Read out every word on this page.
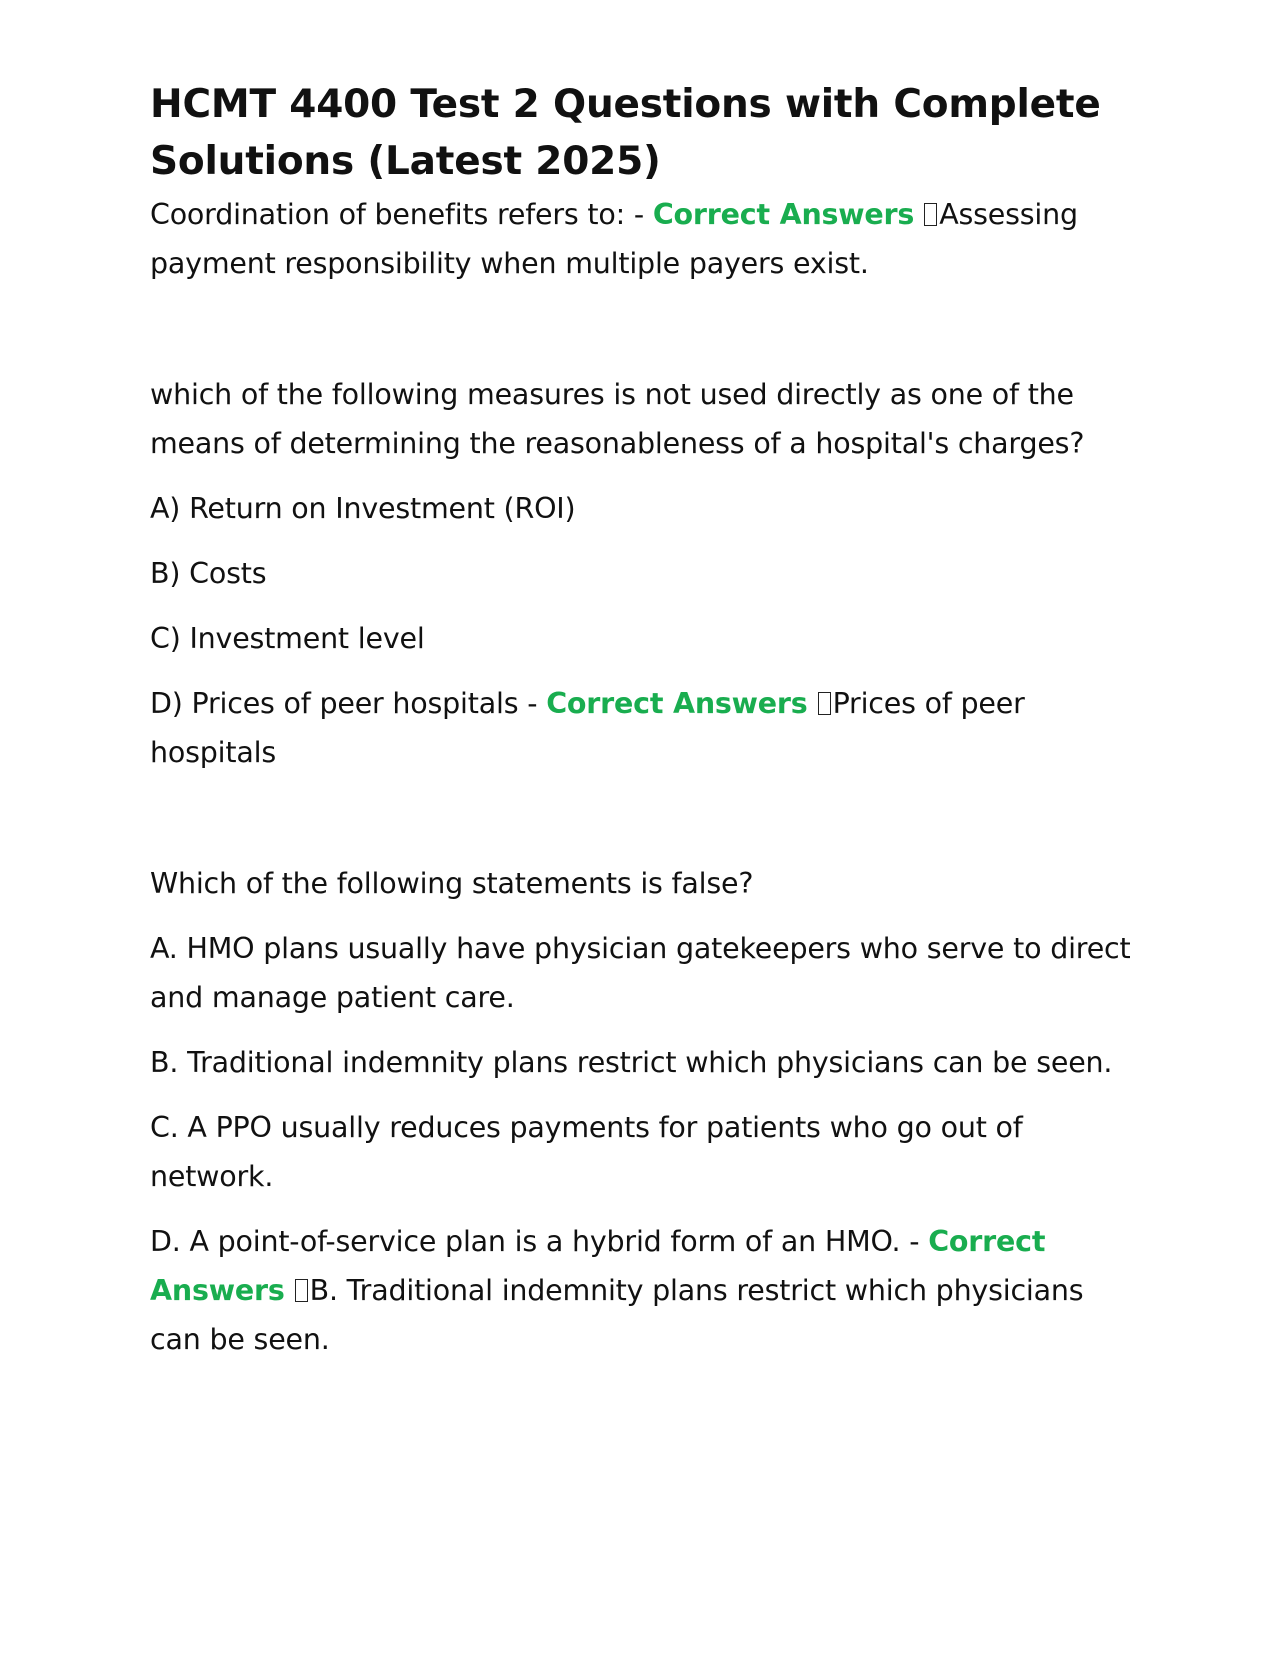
HCMT 4400 Test 2 Questions with Complete Solutions (Latest 2025)

Coordination of benefits refers to: - Correct Answers Assessing payment responsibility when multiple payers exist.

which of the following measures is not used directly as one of the means of determining the reasonableness of a hospital's charges?

A) Return on Investment (ROI)

B) Costs

C) Investment level

D) Prices of peer hospitals - Correct Answers Prices of peer hospitals

Which of the following statements is false?

A. HMO plans usually have physician gatekeepers who serve to direct and manage patient care.

B. Traditional indemnity plans restrict which physicians can be seen.

C. A PPO usually reduces payments for patients who go out of network.

D. A point-of-service plan is a hybrid form of an HMO. - Correct Answers B. Traditional indemnity plans restrict which physicians can be seen.
